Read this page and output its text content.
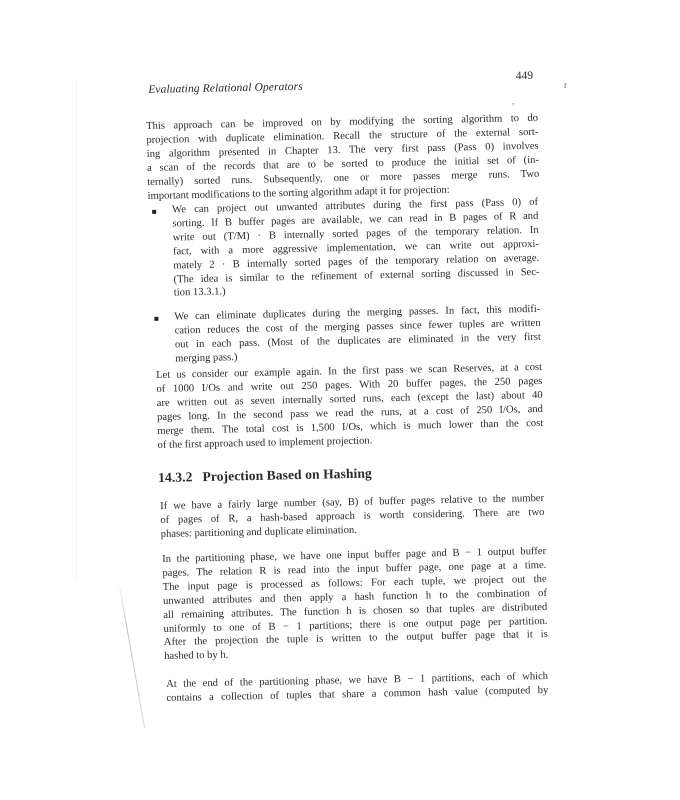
r
,
Evaluating Relational Operators
449

This approach can be improved on by modifying the sorting algorithm to do
projection with duplicate elimination. Recall the structure of the external sort-
ing algorithm presented in Chapter 13. The very first pass (Pass 0) involves
a scan of the records that are to be sorted to produce the initial set of (in-
ternally) sorted runs. Subsequently, one or more passes merge runs. Two
important modifications to the sorting algorithm adapt it for projection:

We can project out unwanted attributes during the first pass (Pass 0) of
sorting. If B buffer pages are available, we can read in B pages of R and
write out (T/M) · B internally sorted pages of the temporary relation. In
fact, with a more aggressive implementation, we can write out approxi-
mately 2 · B internally sorted pages of the temporary relation on average.
(The idea is similar to the refinement of external sorting discussed in Sec-
tion 13.3.1.)

We can eliminate duplicates during the merging passes. In fact, this modifi-
cation reduces the cost of the merging passes since fewer tuples are written
out in each pass. (Most of the duplicates are eliminated in the very first
merging pass.)

Let us consider our example again. In the first pass we scan Reserves, at a cost
of 1000 I/Os and write out 250 pages. With 20 buffer pages, the 250 pages
are written out as seven internally sorted runs, each (except the last) about 40
pages long. In the second pass we read the runs, at a cost of 250 I/Os, and
merge them. The total cost is 1,500 I/Os, which is much lower than the cost
of the first approach used to implement projection.

14.3.2 Projection Based on Hashing

If we have a fairly large number (say, B) of buffer pages relative to the number
of pages of R, a hash-based approach is worth considering. There are two
phases: partitioning and duplicate elimination.

In the partitioning phase, we have one input buffer page and B − 1 output buffer
pages. The relation R is read into the input buffer page, one page at a time.
The input page is processed as follows: For each tuple, we project out the
unwanted attributes and then apply a hash function h to the combination of
all remaining attributes. The function h is chosen so that tuples are distributed
uniformly to one of B − 1 partitions; there is one output page per partition.
After the projection the tuple is written to the output buffer page that it is
hashed to by h.

At the end of the partitioning phase, we have B − 1 partitions, each of which
contains a collection of tuples that share a common hash value (computed by
